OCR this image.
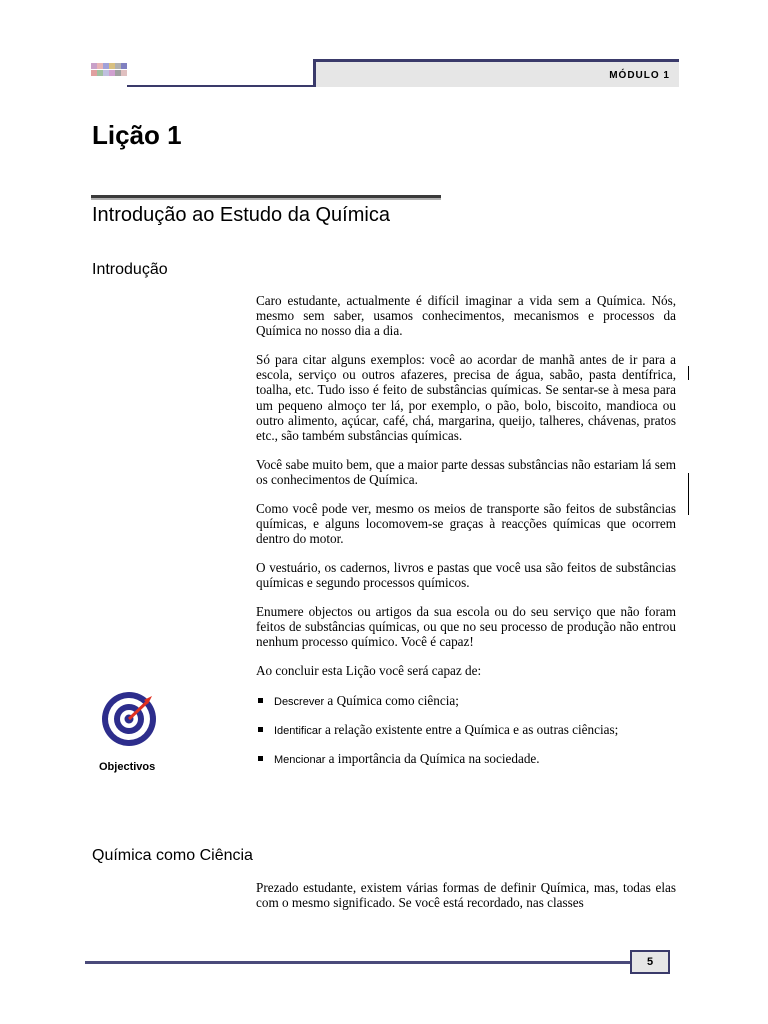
MÓDULO 1
Lição 1
Introdução ao Estudo da Química
Introdução
Caro estudante, actualmente é difícil imaginar a vida sem a Química. Nós, mesmo sem saber, usamos conhecimentos, mecanismos e processos da Química no nosso dia a dia.
Só para citar alguns exemplos: você ao acordar de manhã antes de ir para a escola, serviço ou outros afazeres, precisa de água, sabão, pasta dentífrica, toalha, etc. Tudo isso é feito de substâncias químicas. Se sentar-se à mesa para um pequeno almoço ter lá, por exemplo, o pão, bolo, biscoito, mandioca ou outro alimento, açúcar, café, chá, margarina, queijo, talheres, chávenas, pratos etc., são também substâncias químicas.
Você sabe muito bem, que a maior parte dessas substâncias não estariam lá sem os conhecimentos de Química.
Como você pode ver, mesmo os meios de transporte são feitos de substâncias químicas, e alguns locomovem-se graças à reacções químicas que ocorrem dentro do motor.
O vestuário, os cadernos, livros e pastas que você usa são feitos de substâncias químicas e segundo processos químicos.
Enumere objectos ou artigos da sua escola ou do seu serviço que não foram feitos de substâncias químicas, ou que no seu processo de produção não entrou nenhum processo químico. Você é capaz!
Ao concluir esta Lição você será capaz de:
Objectivos
Descrever a Química como ciência;
Identificar a relação existente entre a Química e as outras ciências;
Mencionar a importância da Química na sociedade.
Química como Ciência
Prezado estudante, existem várias formas de definir Química, mas, todas elas com o mesmo significado. Se você está recordado, nas classes
5
